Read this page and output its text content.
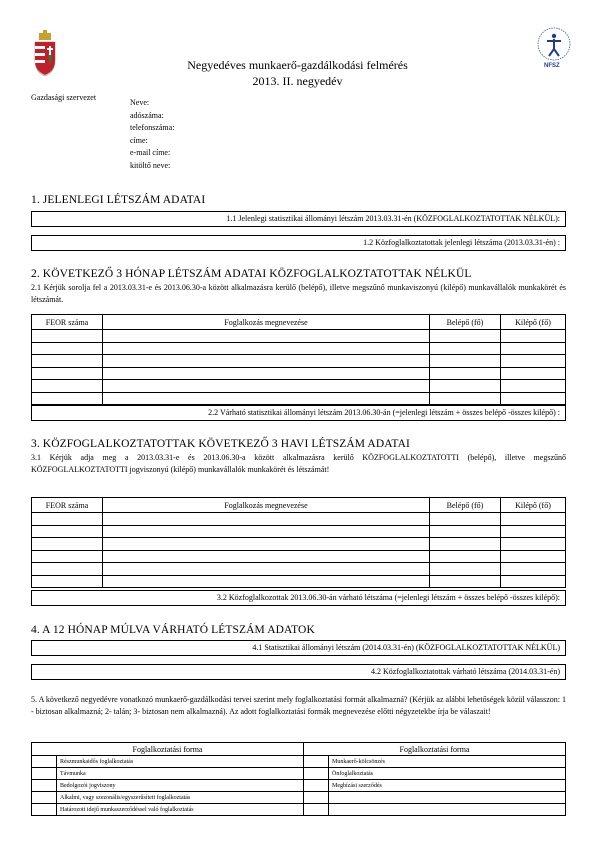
NFSZ
Negyedéves munkaerő-gazdálkodási felmérés
2013. II. negyedév
Gazdasági szervezet
Neve:
adószáma:
telefonszáma:
címe:
e-mail címe:
kitöltő neve:
1. JELENLEGI LÉTSZÁM ADATAI
1.1 Jelenlegi statisztikai állományi létszám 2013.03.31-én (KÖZFOGLALKOZTATOTTAK NÉLKÜL):
1.2 Közfoglalkoztatottak jelenlegi létszáma (2013.03.31-én) :
2. KÖVETKEZŐ 3 HÓNAP LÉTSZÁM ADATAI KÖZFOGLALKOZTATOTTAK NÉLKÜL
2.1 Kérjük sorolja fel a 2013.03.31-e és 2013.06.30-a között alkalmazásra kerülő (belépő), illetve megszűnő munkaviszonyú (kilépő) munkavállalók munkakörét és létszámát.
FEOR száma	Foglalkozás megnevezése	Belépő (fő)	Kilépő (fő)

2.2 Várható statisztikai állományi létszám 2013.06.30-án (=jelenlegi létszám + összes belépő -összes kilépő) :
3. KÖZFOGLALKOZTATOTTAK KÖVETKEZŐ 3 HAVI LÉTSZÁM ADATAI
3.1 Kérjük adja meg a 2013.03.31-e és 2013.06.30-a között alkalmazásra kerülő KÖZFOGLALKOZTATOTTI (belépő), illetve megszűnő KÖZFOGLALKOZTATOTTI jogviszonyú (kilépő) munkavállalók munkakörét és létszámát!
FEOR száma	Foglalkozás megnevezése	Belépő (fő)	Kilépő (fő)

3.2 Közfoglalkozottak 2013.06.30-án várható létszáma (=jelenlegi létszám + összes belépő -összes kilépő):
4. A 12 HÓNAP MÚLVA VÁRHATÓ LÉTSZÁM ADATOK
4.1 Statisztikai állományi létszám (2014.03.31-én) (KÖZFOGLALKOZTATOTTAK NÉLKÜL)
4.2 Közfoglalkoztatottak várható létszáma (2014.03.31-én)
5. A következő negyedévre vonatkozó munkaerő-gazdálkodási tervei szerint mely foglalkoztatási formát alkalmazná? (Kérjük az alábbi lehetőségek közül válasszon: 1 - biztosan alkalmazná; 2- talán; 3- biztosan nem alkalmazná). Az adott foglalkoztatási formák megnevezése előtti négyzetekbe írja be válaszait!
Foglalkoztatási forma		Foglalkoztatási forma	
	Részmunkaidős foglalkoztatás		Munkaerő-kölcsönzés
	Távmunka		Önfoglalkoztatás
	Bedolgozói jogviszony		Megbízási szerződés
	Alkalmi, vagy szezonális/egyszerűsített foglalkoztatás		
	Határozott idejű munkaszerződéssel való foglalkoztatás		
